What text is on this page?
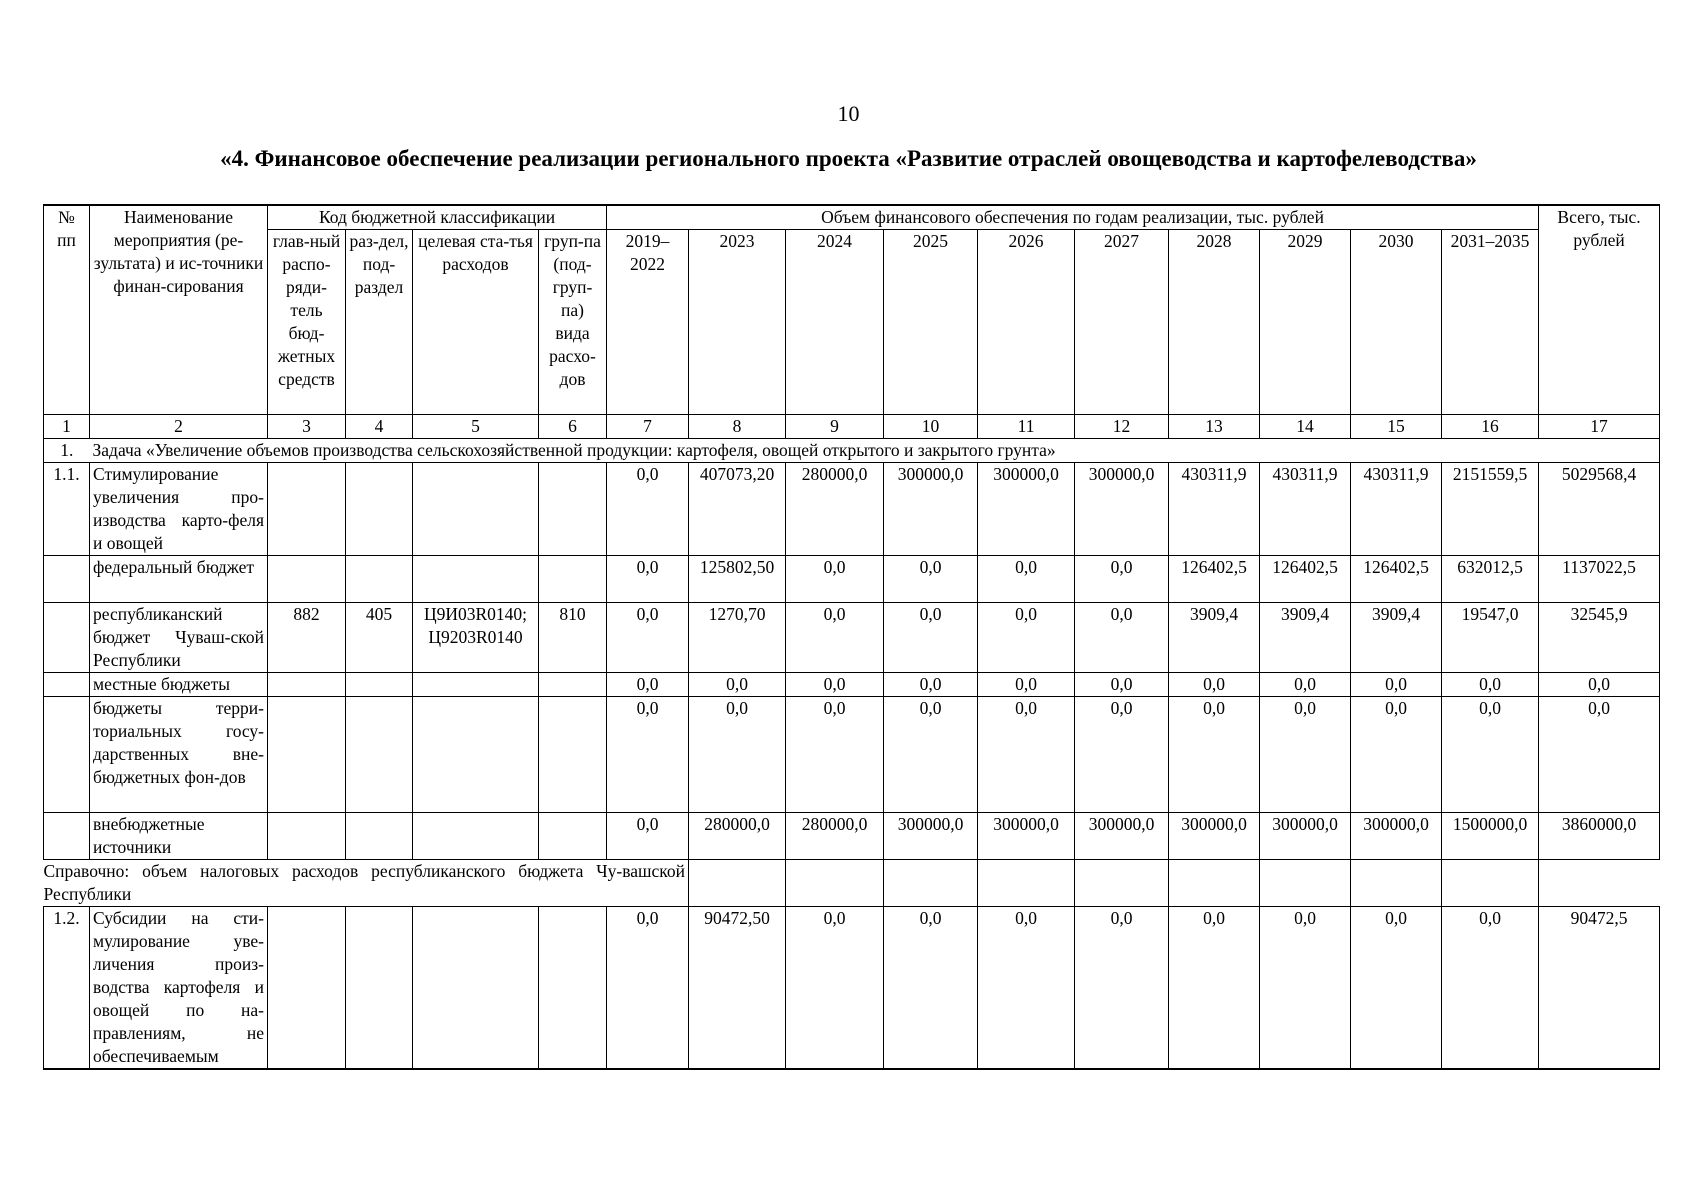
10
«4. Финансовое обеспечение реализации регионального проекта «Развитие отраслей овощеводства и картофелеводства»
№ пп	Наименование мероприятия (ре-зультата) и ис-точники финан-сирования	Код бюджетной классификации				Объем финансового обеспечения по годам реализации, тыс. рублей										Всего, тыс. рублей
		глав-ный распо-ряди-тель бюд-жетных средств	раз-дел, под-раздел	целевая ста-тья расходов	груп-па (под-груп-па) вида расхо-дов	2019–2022	2023	2024	2025	2026	2027	2028	2029	2030	2031–2035	
1	2	3	4	5	6	7	8	9	10	11	12	13	14	15	16	17
1.	Задача «Увеличение объемов производства сельскохозяйственной продукции: картофеля, овощей открытого и закрытого грунта»															
1.1.	Стимулирование увеличения про-изводства карто-феля и овощей					0,0	407073,20	280000,0	300000,0	300000,0	300000,0	430311,9	430311,9	430311,9	2151559,5	5029568,4
	федеральный бюджет					0,0	125802,50	0,0	0,0	0,0	0,0	126402,5	126402,5	126402,5	632012,5	1137022,5
	республиканский бюджет Чуваш-ской Республики	882	405	Ц9И03R0140; Ц9203R0140	810	0,0	1270,70	0,0	0,0	0,0	0,0	3909,4	3909,4	3909,4	19547,0	32545,9
	местные бюджеты					0,0	0,0	0,0	0,0	0,0	0,0	0,0	0,0	0,0	0,0	0,0
	бюджеты терри-ториальных госу-дарственных вне-бюджетных фон-дов					0,0	0,0	0,0	0,0	0,0	0,0	0,0	0,0	0,0	0,0	0,0
	внебюджетные источники					0,0	280000,0	280000,0	300000,0	300000,0	300000,0	300000,0	300000,0	300000,0	1500000,0	3860000,0
Справочно: объем налоговых расходов республиканского бюджета Чу-вашской Республики																
1.2.	Субсидии на сти-мулирование уве-личения произ-водства картофеля и овощей по на-правлениям, не обеспечиваемым					0,0	90472,50	0,0	0,0	0,0	0,0	0,0	0,0	0,0	0,0	90472,5
